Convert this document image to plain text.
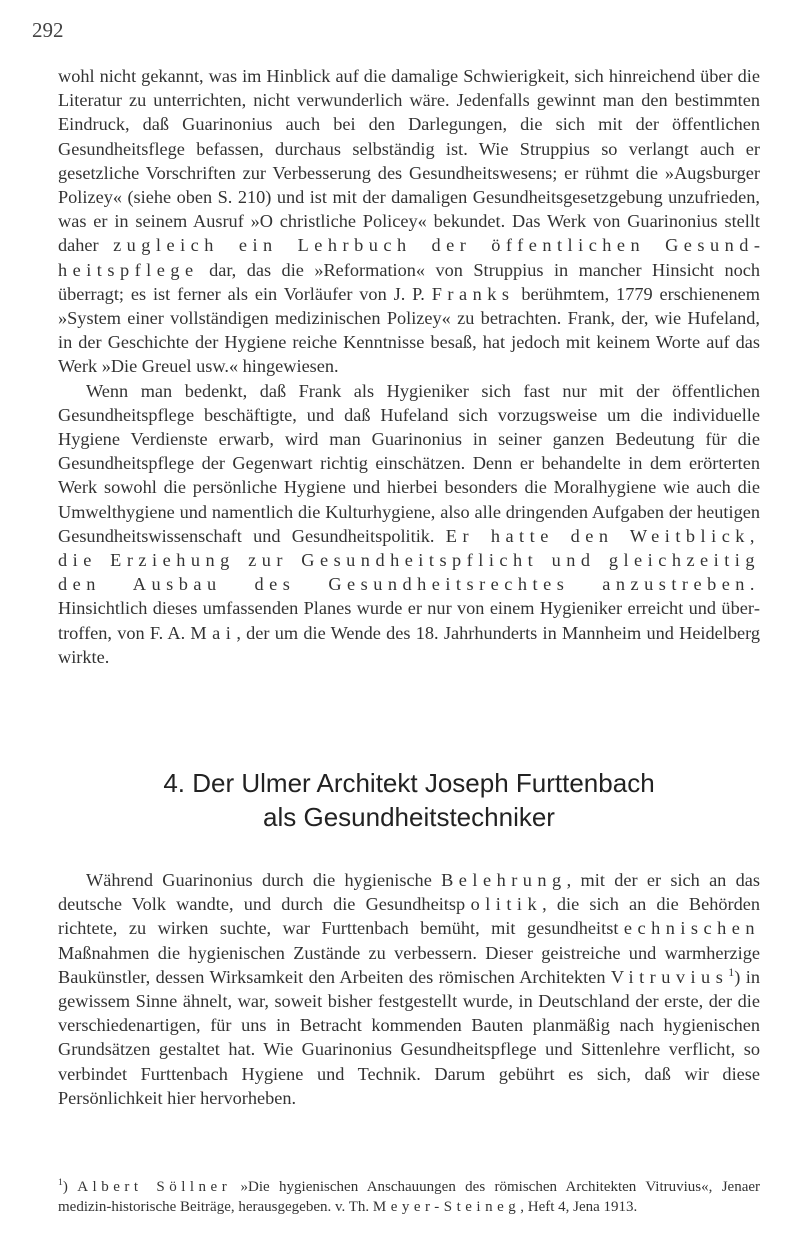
292

wohl nicht gekannt, was im Hinblick auf die damalige Schwierigkeit, sich hinreichend über die Literatur zu unterrichten, nicht verwunderlich wäre. Jedenfalls gewinnt man den bestimmten Eindruck, daß Guarinonius auch bei den Darlegungen, die sich mit der öffentlichen Gesundheitsflege befassen, durchaus selbständig ist. Wie Struppius so verlangt auch er gesetzliche Vorschriften zur Verbesserung des Gesundheitswesens; er rühmt die »Augsburger Polizey« (siehe oben S. 210) und ist mit der damaligen Gesundheitsgesetzgebung unzufrieden, was er in seinem Ausruf »O christliche Policey« bekundet. Das Werk von Guarinonius stellt daher zugleich ein Lehrbuch der öffentlichen Gesundheitspflege dar, das die »Reformation« von Struppius in mancher Hinsicht noch überragt; es ist ferner als ein Vorläufer von J. P. Franks berühmtem, 1779 erschienenem »System einer vollständigen medizinischen Polizey« zu betrachten. Frank, der, wie Hufeland, in der Geschichte der Hygiene reiche Kenntnisse besaß, hat jedoch mit keinem Worte auf das Werk »Die Greuel usw.« hingewiesen.

Wenn man bedenkt, daß Frank als Hygieniker sich fast nur mit der öffentlichen Gesundheitspflege beschäftigte, und daß Hufeland sich vorzugsweise um die individuelle Hygiene Verdienste erwarb, wird man Guarinonius in seiner ganzen Bedeutung für die Gesundheitspflege der Gegenwart richtig einschätzen. Denn er behandelte in dem erörterten Werk sowohl die persönliche Hygiene und hierbei besonders die Moralhygiene wie auch die Umwelthygiene und namentlich die Kulturhygiene, also alle dringenden Aufgaben der heutigen Gesundheitswissenschaft und Gesundheitspolitik. Er hatte den Weitblick, die Erziehung zur Gesundheitspflicht und gleichzeitig den Ausbau des Gesundheitsrechtes anzustreben. Hinsichtlich dieses umfassenden Planes wurde er nur von einem Hygieniker erreicht und übertroffen, von F. A. Mai, der um die Wende des 18. Jahrhunderts in Mannheim und Heidelberg wirkte.

4. Der Ulmer Architekt Joseph Furttenbach
als Gesundheitstechniker

Während Guarinonius durch die hygienische Belehrung, mit der er sich an das deutsche Volk wandte, und durch die Gesundheitspolitik, die sich an die Behörden richtete, zu wirken suchte, war Furttenbach bemüht, mit gesundheitstechnischen Maßnahmen die hygienischen Zustände zu verbessern. Dieser geistreiche und warmherzige Baukünstler, dessen Wirksamkeit den Arbeiten des römischen Architekten Vitruvius$^1$) in gewissem Sinne ähnelt, war, soweit bisher festgestellt wurde, in Deutschland der erste, der die verschiedenartigen, für uns in Betracht kommenden Bauten planmäßig nach hygienischen Grundsätzen gestaltet hat. Wie Guarinonius Gesundheitspflege und Sittenlehre verflicht, so verbindet Furttenbach Hygiene und Technik. Darum gebührt es sich, daß wir diese Persönlichkeit hier hervorheben.

$^1$) Albert Söllner »Die hygienischen Anschauungen des römischen Architekten Vitruvius«, Jenaer medizin-historische Beiträge, herausgegeben. v. Th. Meyer-Steineg, Heft 4, Jena 1913.
